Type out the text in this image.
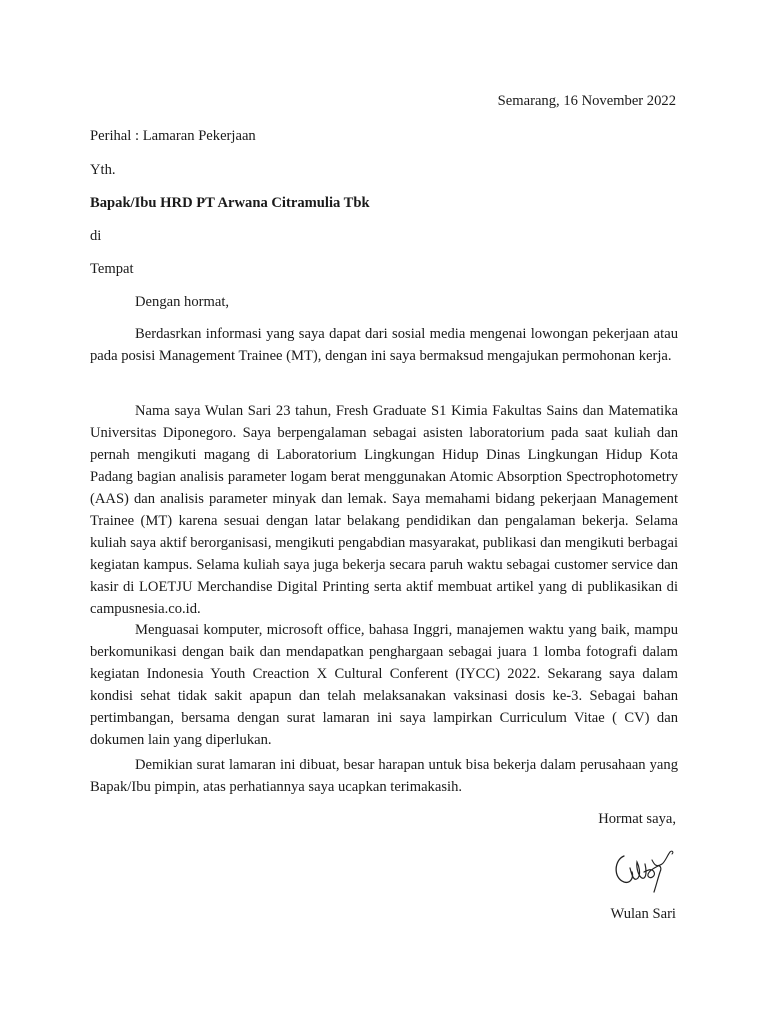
Semarang, 16 November 2022
Perihal : Lamaran Pekerjaan
Yth.
Bapak/Ibu HRD PT Arwana Citramulia Tbk
di
Tempat
Dengan hormat,
Berdasrkan informasi yang saya dapat dari sosial media mengenai lowongan pekerjaan atau pada posisi Management Trainee (MT), dengan ini saya bermaksud mengajukan permohonan kerja.
Nama saya Wulan Sari 23 tahun, Fresh Graduate S1 Kimia Fakultas Sains dan Matematika Universitas Diponegoro. Saya berpengalaman sebagai asisten laboratorium pada saat kuliah dan pernah mengikuti magang di Laboratorium Lingkungan Hidup Dinas Lingkungan Hidup Kota Padang bagian analisis parameter logam berat menggunakan Atomic Absorption Spectrophotometry (AAS) dan analisis parameter minyak dan lemak. Saya memahami bidang pekerjaan Management Trainee (MT) karena sesuai dengan latar belakang pendidikan dan pengalaman bekerja. Selama kuliah saya aktif berorganisasi, mengikuti pengabdian masyarakat, publikasi dan mengikuti berbagai kegiatan kampus. Selama kuliah saya juga bekerja secara paruh waktu sebagai customer service dan kasir di LOETJU Merchandise Digital Printing serta aktif membuat artikel yang di publikasikan di campusnesia.co.id.
Menguasai komputer, microsoft office, bahasa Inggri, manajemen waktu yang baik, mampu berkomunikasi dengan baik dan mendapatkan penghargaan sebagai juara 1 lomba fotografi dalam kegiatan Indonesia Youth Creaction X Cultural Conferent (IYCC) 2022. Sekarang saya dalam kondisi sehat tidak sakit apapun dan telah melaksanakan vaksinasi dosis ke-3. Sebagai bahan pertimbangan, bersama dengan surat lamaran ini saya lampirkan Curriculum Vitae ( CV) dan dokumen lain yang diperlukan.
Demikian surat lamaran ini dibuat, besar harapan untuk bisa bekerja dalam perusahaan yang Bapak/Ibu pimpin, atas perhatiannya saya ucapkan terimakasih.
Hormat saya,
Wulan Sari
